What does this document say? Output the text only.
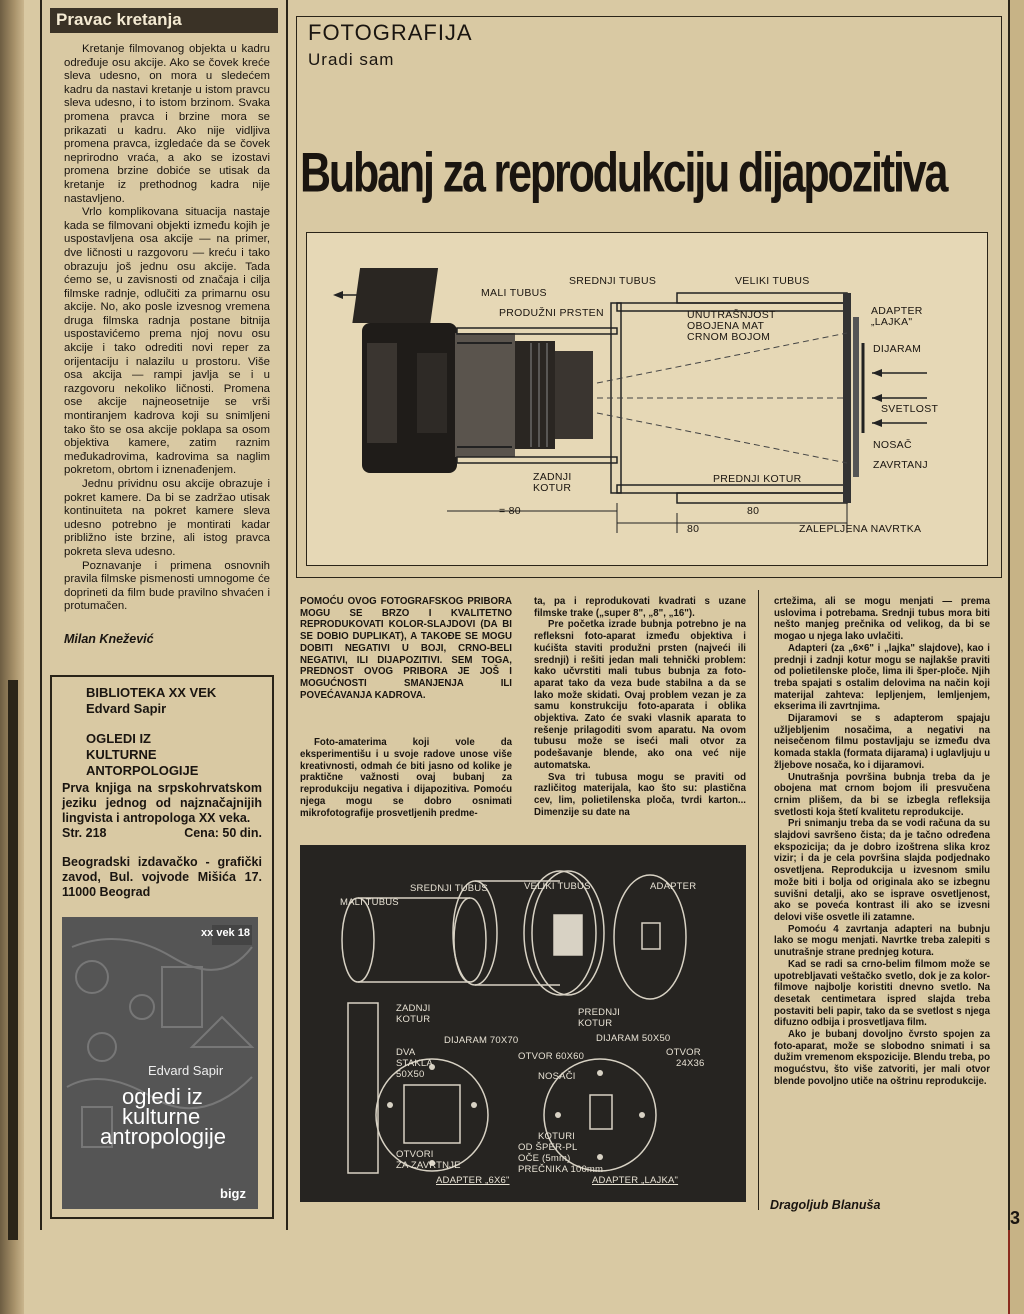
3
Pravac kretanja

Kretanje filmovanog objekta u kadru određuje osu akcije. Ako se čovek kreće sleva udesno, on mora u sledećem kadru da nastavi kretanje u istom pravcu sleva udesno, i to istom brzinom. Svaka promena pravca i brzine mora se prikazati u kadru. Ako nije vidljiva promena pravca, izgledaće da se čovek neprirodno vraća, a ako se izostavi promena brzine dobiće se utisak da kretanje iz prethodnog kadra nije nastavljeno.

Vrlo komplikovana situacija nastaje kada se filmovani objekti između kojih je uspostavljena osa akcije — na primer, dve ličnosti u razgovoru — kreću i tako obrazuju još jednu osu akcije. Tada ćemo se, u zavisnosti od značaja i cilja filmske radnje, odlučiti za primarnu osu akcije. No, ako posle izvesnog vremena druga filmska radnja postane bitnija uspostavićemo prema njoj novu osu akcije i tako odrediti novi reper za orijentaciju i nalazilu u prostoru. Više osa akcija — rampi javlja se i u razgovoru nekoliko ličnosti. Promena ose akcije najneosetnije se vrši montiranjem kadrova koji su snimljeni tako što se osa akcije poklapa sa osom objektiva kamere, zatim raznim međukadrovima, kadrovima sa naglim pokretom, obrtom i iznenađenjem.

Jednu prividnu osu akcije obrazuje i pokret kamere. Da bi se zadržao utisak kontinuiteta na pokret kamere sleva udesno potrebno je montirati kadar približno iste brzine, ali istog pravca pokreta sleva udesno.

Poznavanje i primena osnovnih pravila filmske pismenosti umnogome će doprineti da film bude pravilno shvaćen i protumačen.

Milan Knežević
BIBLIOTEKA XX VEK
Edvard Sapir
OGLEDI IZ
KULTURNE
ANTORPOLOGIJE

Prva knjiga na srpskohrvatskom jeziku jednog od najznačajnijih lingvista i antropologa XX veka.

Str. 218	Cena: 50 din.

Beogradski izdavačko - grafički zavod, Bul. vojvode Mišića 17. 11000 Beograd

xx vek 18
Edvard Sapir
ogledi iz
kulturne
antropologije
bigz
FOTOGRAFIJA
Uradi sam
Bubanj za reprodukciju dijapozitiva
MALI TUBUS
SREDNJI TUBUS	VELIKI TUBUS
PRODUŽNI PRSTEN	UNUTRAŠNJOST
OBOJENA MAT
CRNOM BOJOM
ADAPTER
„LAJKA"
DIJARAM
SVETLOST
NOSAČ
ZAVRTANJ
ZADNJI
KOTUR
PREDNJI KOTUR
= 80	80
80	ZALEPLJENA NAVRTKA

POMOĆU OVOG FOTOGRAFSKOG PRIBORA MOGU SE BRZO I KVALITETNO REPRODUKOVATI KOLOR-SLAJDOVI (DA BI SE DOBIO DUPLIKAT), A TAKOĐE SE MOGU DOBITI NEGATIVI U BOJI, CRNO-BELI NEGATIVI, ILI DIJAPOZITIVI. SEM TOGA, PREDNOST OVOG PRIBORA JE JOŠ I MOGUĆNOSTI SMANJENJA ILI POVEĆAVANJA KADROVA.

Foto-amaterima koji vole da eksperimentišu i u svoje radove unose više kreativnosti, odmah će biti jasno od kolike je praktične važnosti ovaj bubanj za reprodukciju negativa i dijapozitiva. Pomoću njega mogu se dobro osnimati mikrofotografije prosvetljenih predme-

ta, pa i reprodukovati kvadrati s uzane filmske trake („super 8", „8", „16").

Pre početka izrade bubnja potrebno je na refleksni foto-aparat između objektiva i kućišta staviti produžni prsten (najveći ili srednji) i rešiti jedan mali tehnički problem: kako učvrstiti mali tubus bubnja za foto-aparat tako da veza bude stabilna a da se lako može skidati. Ovaj problem vezan je za samu konstrukciju foto-aparata i oblika objektiva. Zato će svaki vlasnik aparata to rešenje prilagoditi svom aparatu. Na ovom tubusu može se iseći mali otvor za podešavanje blende, ako ona već nije automatska.

Sva tri tubusa mogu se praviti od različitog materijala, kao što su: plastična cev, lim, polietilenska ploča, tvrdi karton... Dimenzije su date na

crtežima, ali se mogu menjati — prema uslovima i potrebama. Srednji tubus mora biti nešto manjeg prečnika od velikog, da bi se mogao u njega lako uvlačiti.

Adapteri (za „6×6" i „lajka" slajdove), kao i prednji i zadnji kotur mogu se najlakše praviti od polietilenske ploče, lima ili šper-ploče. Njih treba spajati s ostalim delovima na način koji materijal zahteva: lepljenjem, lemljenjem, ekserima ili zavrtnjima.

Dijaramovi se s adapterom spajaju užljebljenim nosačima, a negativi na neisečenom filmu postavljaju se između dva komada stakla (formata dijarama) i uglavljuju u žljebove nosača, ko i dijaramovi.

Unutrašnja površina bubnja treba da je obojena mat crnom bojom ili presvučena crnim plišem, da bi se izbegla refleksija svetlosti koja štetí kvalitetu reprodukcije.

Pri snimanju treba da se vodi računa da su slajdovi savršeno čista; da je tačno određena ekspozicija; da je dobro izoštrena slika kroz vizir; i da je cela površina slajda podjednako osvetljena. Reprodukcija u izvesnom smilu može biti i bolja od originala ako se izbegnu suvišni detalji, ako se isprave osvetljenost, ako se poveća kontrast ili ako se izvesni delovi više osvetle ili zatamne.

Pomoću 4 zavrtanja adapteri na bubnju lako se mogu menjati. Navrtke treba zalepiti s unutrašnje strane prednjeg kotura.

Kad se radi sa crno-belim filmom može se upotrebljavati veštačko svetlo, dok je za kolor-filmove najbolje koristiti dnevno svetlo. Na desetak centimetara ispred slajda treba postaviti beli papir, tako da se svetlost s njega difuzno odbija i prosvetljava film.

Ako je bubanj dovoljno čvrsto spojen za foto-aparat, može se slobodno snimati i sa dužim vremenom ekspozicije. Blendu treba, po mogućstvu, što više zatvoriti, jer mali otvor blende povoljno utiče na oštrinu reprodukcije.

Dragoljub Blanuša
MALI TUBUS
SREDNJI TUBUS	VELIKI TUBUS	ADAPTER
ZADNJI
KOTUR
PREDNJI
KOTUR
DIJARAM 70X70	DIJARAM 50X50
OTVOR 60X60	OTVOR
24X36
DVA
STAKLA
50X50	NOSAČI
KOTURI
OD ŠPER-PL
OČE (5mm)
PREČNIKA 100mm
OTVORI
ZA ZAVRTNJE
ADAPTER „6X6"	ADAPTER „LAJKA"
